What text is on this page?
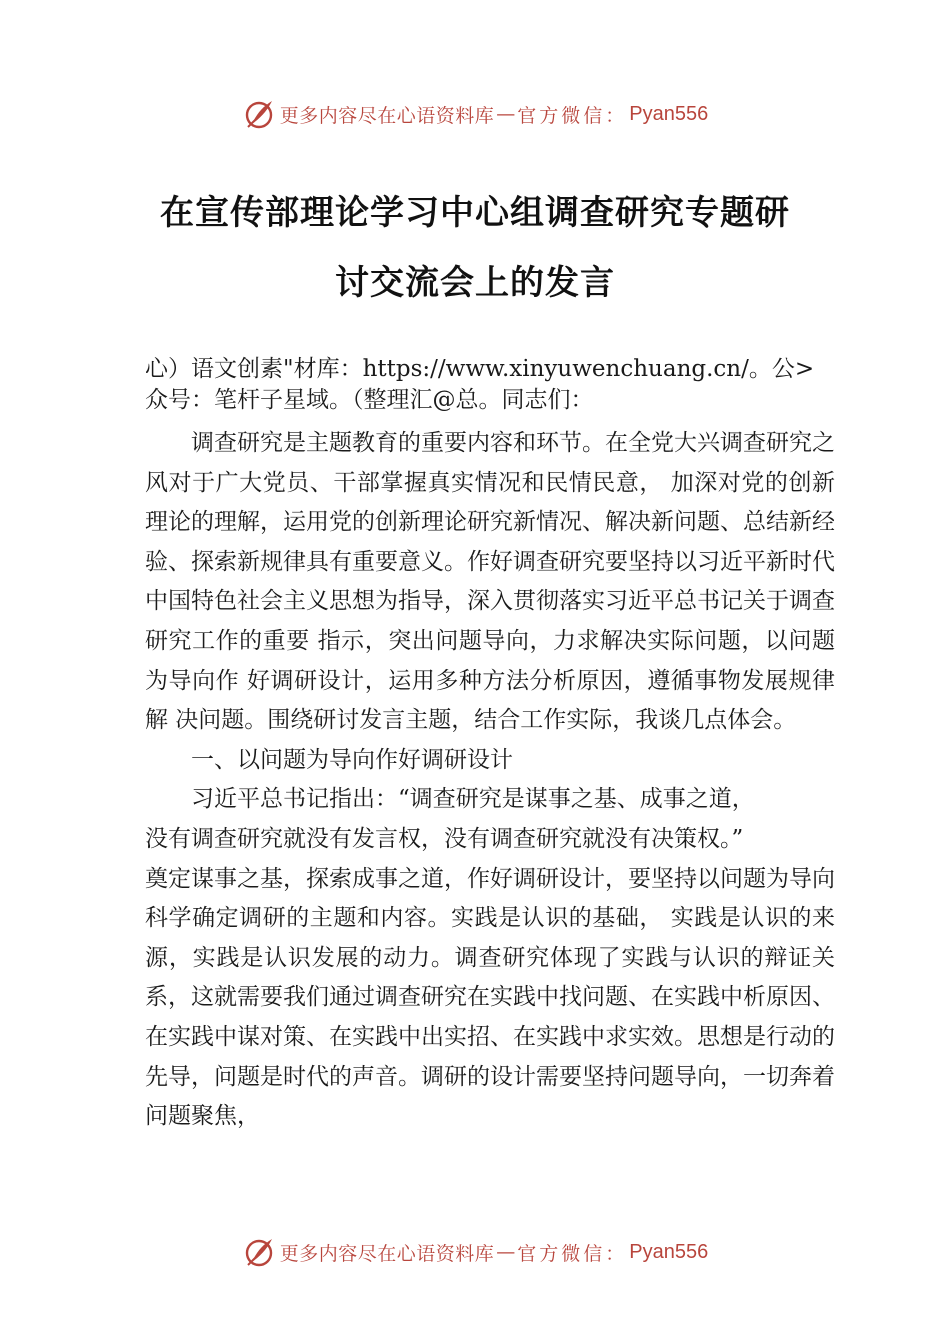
更多内容尽在心语资料库 — 官方微信： Pyan556
在宣传部理论学习中心组调查研究专题研
讨交流会上的发言
心）语文创素"材库：https://www.xinyuwenchuang.cn/。公>
众号：笔杆子星域。（整理汇@总。同志们：

调查研究是主题教育的重要内容和环节。在全党大兴调查研究之风对于广大党员、干部掌握真实情况和民情民意， 加深对党的创新理论的理解，运用党的创新理论研究新情况、解决新问题、总结新经验、探索新规律具有重要意义。作好调查研究要坚持以习近平新时代中国特色社会主义思想为指导，深入贯彻落实习近平总书记关于调查研究工作的重要 指示，突出问题导向，力求解决实际问题，以问题为导向作 好调研设计，运用多种方法分析原因，遵循事物发展规律解 决问题。围绕研讨发言主题，结合工作实际，我谈几点体会。

一、以问题为导向作好调研设计

习近平总书记指出：“调查研究是谋事之基、成事之道，

没有调查研究就没有发言权，没有调查研究就没有决策权。”

奠定谋事之基，探索成事之道，作好调研设计，要坚持以问题为导向科学确定调研的主题和内容。实践是认识的基础， 实践是认识的来源，实践是认识发展的动力。调查研究体现了实践与认识的辩证关系，这就需要我们通过调查研究在实践中找问题、在实践中析原因、在实践中谋对策、在实践中出实招、在实践中求实效。思想是行动的先导，问题是时代的声音。调研的设计需要坚持问题导向，一切奔着问题聚焦，

更多内容尽在心语资料库 — 官方微信： Pyan556
